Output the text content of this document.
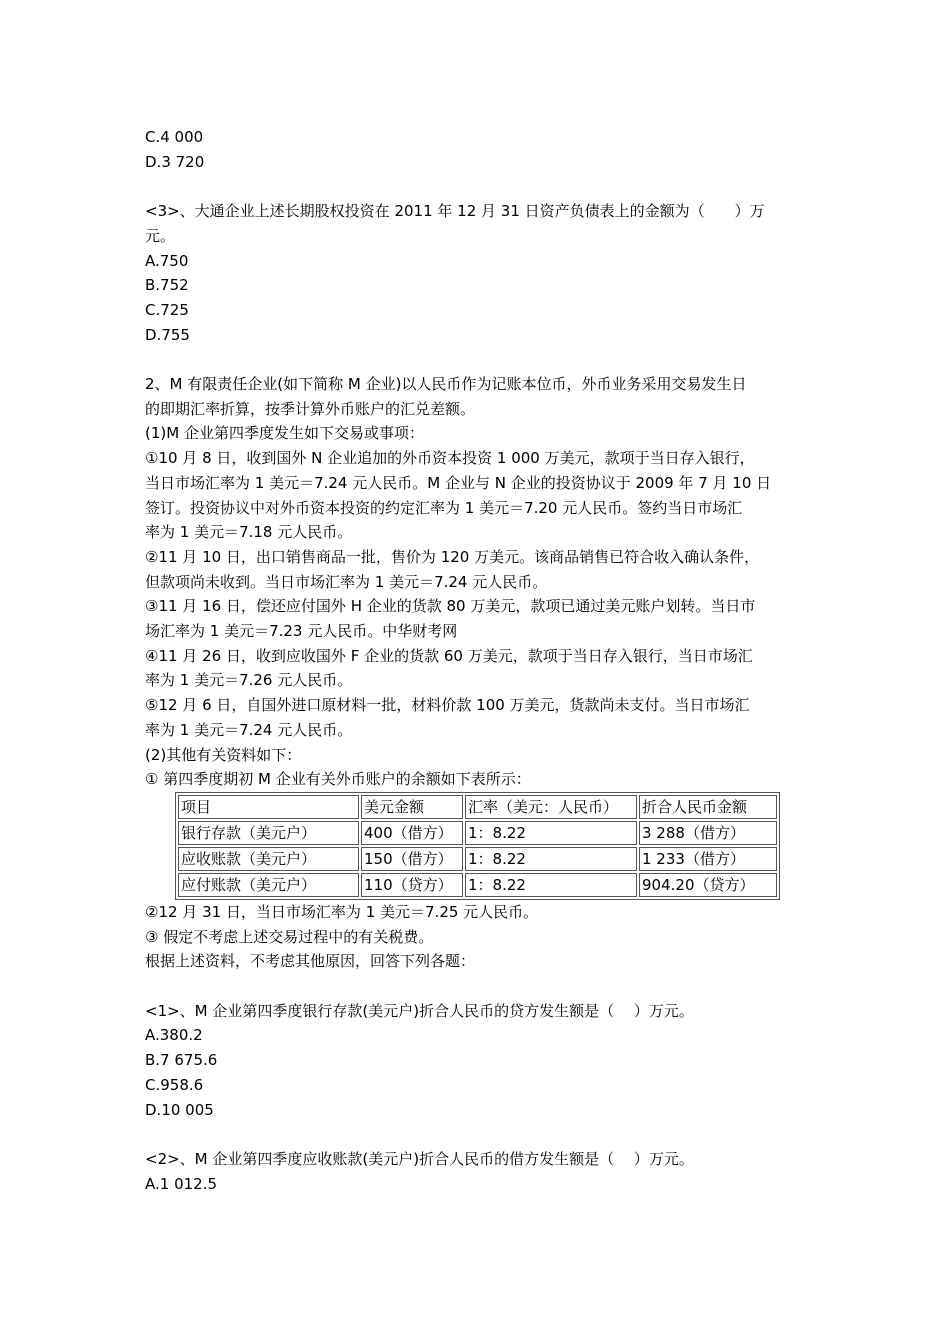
C.4 000
D.3 720
<3>、大通企业上述长期股权投资在 2011 年 12 月 31 日资产负债表上的金额为（　　）万
元。
A.750
B.752
C.725
D.755
2、M 有限责任企业(如下简称 M 企业)以人民币作为记账本位币，外币业务采用交易发生日
的即期汇率折算，按季计算外币账户的汇兑差额。
(1)M 企业第四季度发生如下交易或事项：
①10 月 8 日，收到国外 N 企业追加的外币资本投资 1 000 万美元，款项于当日存入银行，
当日市场汇率为 1 美元＝7.24 元人民币。M 企业与 N 企业的投资协议于 2009 年 7 月 10 日
签订。投资协议中对外币资本投资的约定汇率为 1 美元＝7.20 元人民币。签约当日市场汇
率为 1 美元＝7.18 元人民币。
②11 月 10 日，出口销售商品一批，售价为 120 万美元。该商品销售已符合收入确认条件，
但款项尚未收到。当日市场汇率为 1 美元＝7.24 元人民币。
③11 月 16 日，偿还应付国外 H 企业的货款 80 万美元，款项已通过美元账户划转。当日市
场汇率为 1 美元＝7.23 元人民币。中华财考网
④11 月 26 日，收到应收国外 F 企业的货款 60 万美元，款项于当日存入银行，当日市场汇
率为 1 美元＝7.26 元人民币。
⑤12 月 6 日，自国外进口原材料一批，材料价款 100 万美元，货款尚未支付。当日市场汇
率为 1 美元＝7.24 元人民币。
(2)其他有关资料如下：
① 第四季度期初 M 企业有关外币账户的余额如下表所示：
项目	美元金额	汇率（美元：人民币）	折合人民币金额
银行存款（美元户）	400（借方）	1：8.22	3 288（借方）
应收账款（美元户）	150（借方）	1：8.22	1 233（借方）
应付账款（美元户）	110（贷方）	1：8.22	904.20（贷方）
②12 月 31 日，当日市场汇率为 1 美元＝7.25 元人民币。
③ 假定不考虑上述交易过程中的有关税费。
根据上述资料，不考虑其他原因，回答下列各题：
<1>、M 企业第四季度银行存款(美元户)折合人民币的贷方发生额是（　 ）万元。
A.380.2
B.7 675.6
C.958.6
D.10 005
<2>、M 企业第四季度应收账款(美元户)折合人民币的借方发生额是（　 ）万元。
A.1 012.5
